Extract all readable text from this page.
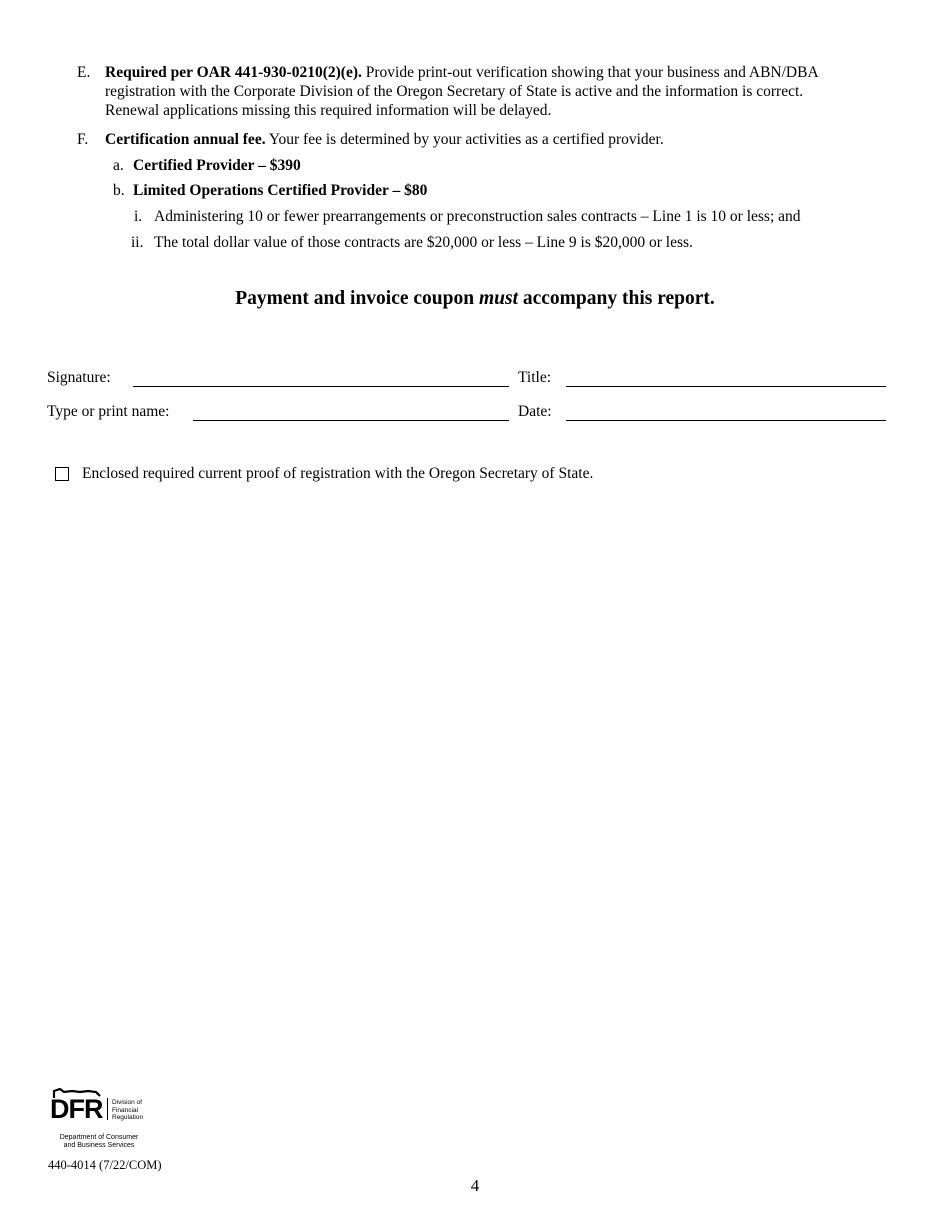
E. Required per OAR 441-930-0210(2)(e). Provide print-out verification showing that your business and ABN/DBA
registration with the Corporate Division of the Oregon Secretary of State is active and the information is correct.
Renewal applications missing this required information will be delayed.
F. Certification annual fee. Your fee is determined by your activities as a certified provider.
a. Certified Provider – $390
b. Limited Operations Certified Provider – $80
i. Administering 10 or fewer prearrangements or preconstruction sales contracts – Line 1 is 10 or less; and
ii. The total dollar value of those contracts are $20,000 or less – Line 9 is $20,000 or less.
Payment and invoice coupon must accompany this report.
Signature:	Title:
Type or print name:	Date:
Enclosed required current proof of registration with the Oregon Secretary of State.
DFR Division of
Financial
Regulation
Department of Consumer
and Business Services
440-4014 (7/22/COM)
4
